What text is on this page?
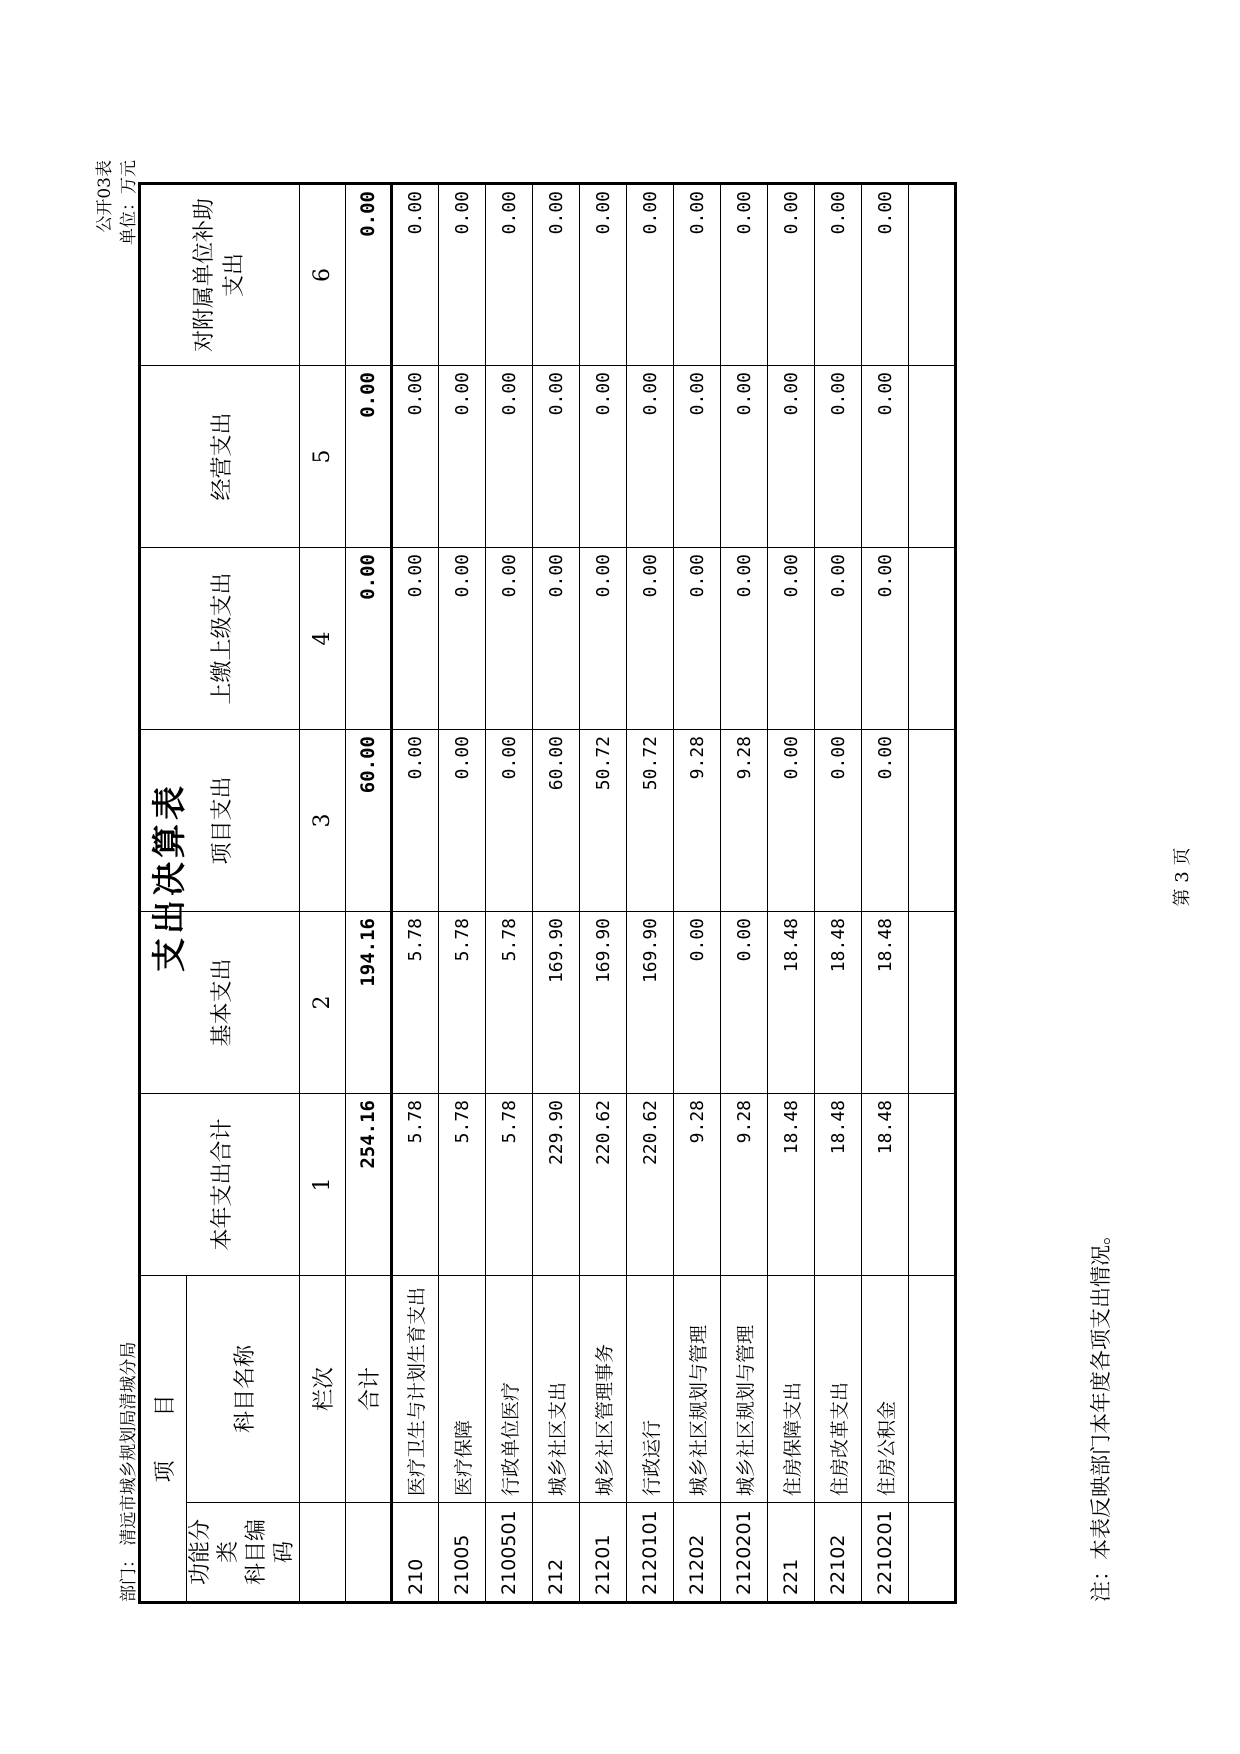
支出决算表
公开03表 单位：万元
部门： 清远市城乡规划局清城分局 项　　目		本年支出合计	基本支出	项目支出	上缴上级支出	经营支出	对附属单位补助
支出
功能分类
科目编码	科目名称						
	栏次	1	2	3	4	5	6
	合计	254.16	194.16	60.00	0.00	0.00	0.00
210	医疗卫生与计划生育支出	5.78	5.78	0.00	0.00	0.00	0.00
21005	医疗保障	5.78	5.78	0.00	0.00	0.00	0.00
2100501	行政单位医疗	5.78	5.78	0.00	0.00	0.00	0.00
212	城乡社区支出	229.90	169.90	60.00	0.00	0.00	0.00
21201	城乡社区管理事务	220.62	169.90	50.72	0.00	0.00	0.00
2120101	行政运行	220.62	169.90	50.72	0.00	0.00	0.00
21202	城乡社区规划与管理	9.28	0.00	9.28	0.00	0.00	0.00
2120201	城乡社区规划与管理	9.28	0.00	9.28	0.00	0.00	0.00
221	住房保障支出	18.48	18.48	0.00	0.00	0.00	0.00
22102	住房改革支出	18.48	18.48	0.00	0.00	0.00	0.00
2210201	住房公积金	18.48	18.48	0.00	0.00	0.00	0.00

注：本表反映部门本年度各项支出情况。
第 3 页
